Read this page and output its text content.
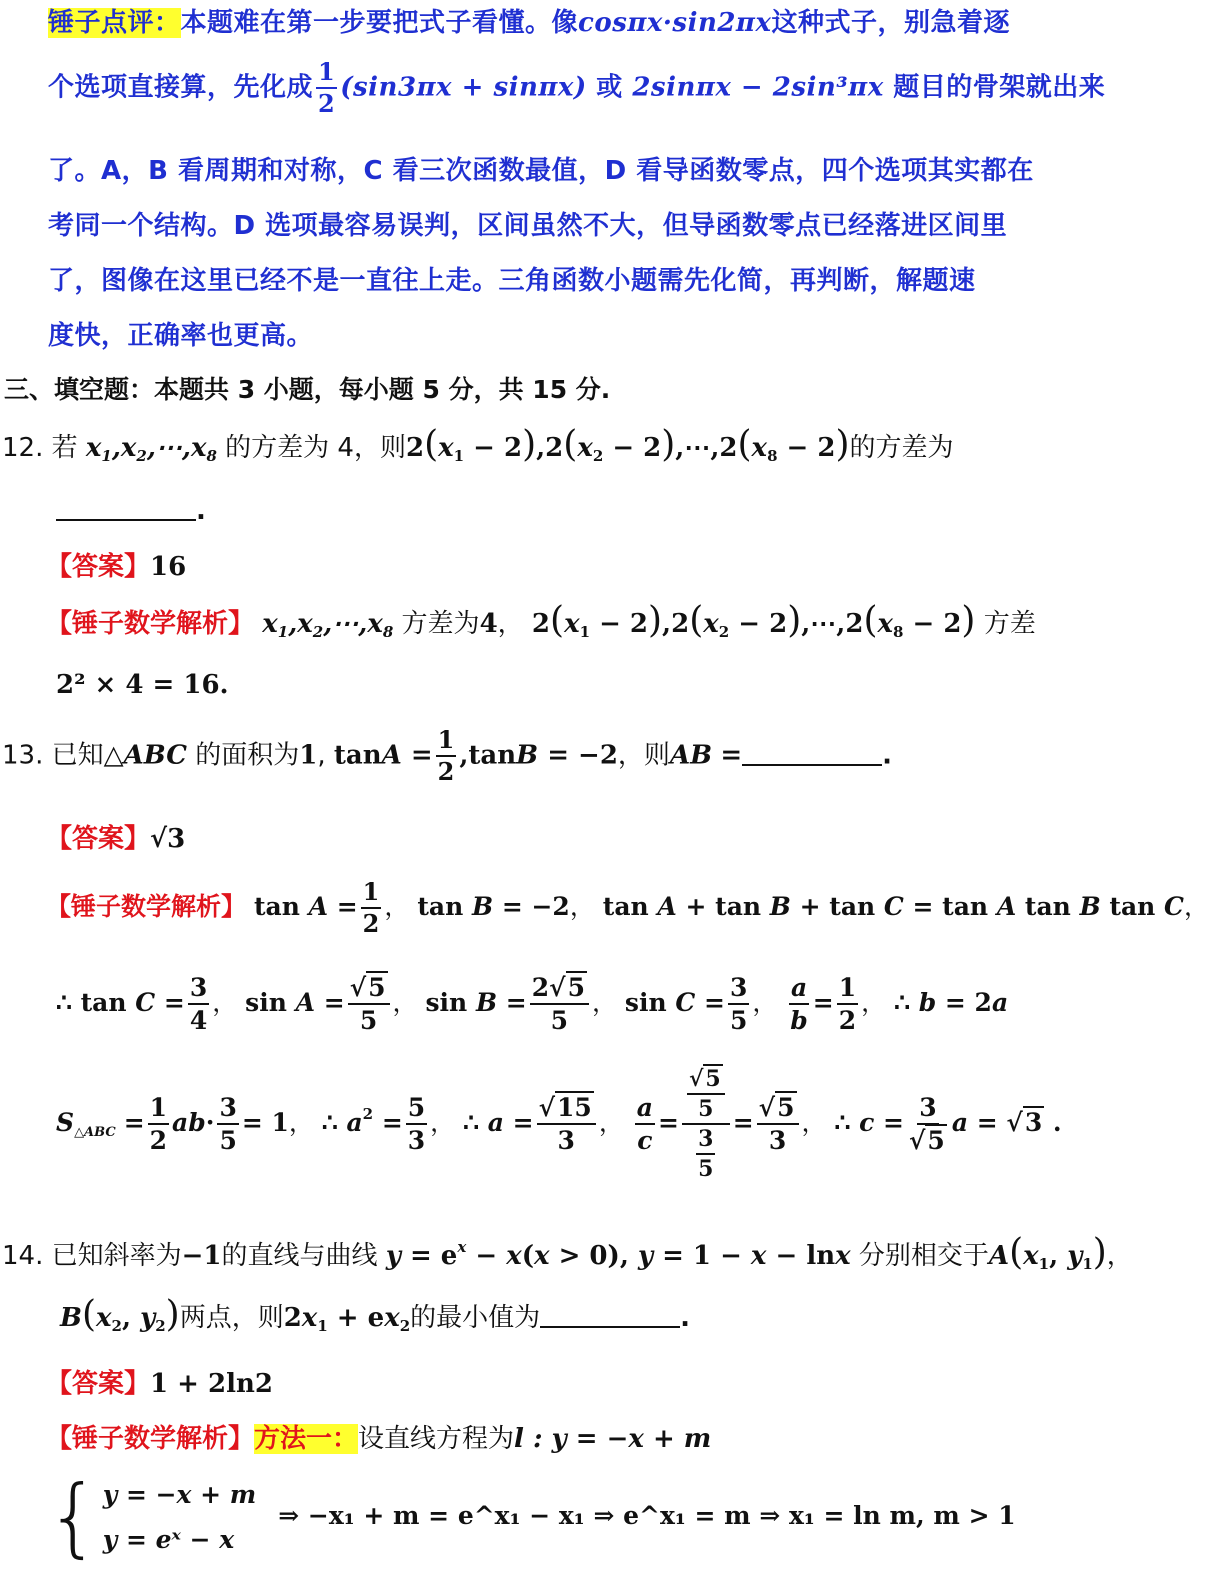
锤子点评：本题难在第一步要把式子看懂。像cosπx·sin2πx这种式子，别急着逐
个选项直接算，先化成 $\frac{1}{2} (\sin 3\pi x + \sin\pi x)$ 或 2sinπx − 2sin³πx 题目的骨架就出来
了。A，B 看周期和对称，C 看三次函数最值，D 看导函数零点，四个选项其实都在
考同一个结构。D 选项最容易误判，区间虽然不大，但导函数零点已经落进区间里
了，图像在这里已经不是一直往上走。三角函数小题需先化简，再判断，解题速
度快，正确率也更高。
三、填空题：本题共 3 小题，每小题 5 分，共 15 分.
12. 若 $x_1,x_2,\cdots,x_8$ 的方差为 4，则$2(x_1 - 2),2(x_2$ − $2),\cdots,2(x_8 - 2)$的方差为
.
【答案】16
【锤子数学解析】 $x_1,x_2,\cdots,x_8$ 方差为4， $2(x_1 - 2),2(x_2$ − $2),\cdots,2(x_8 - 2)$ 方差
2² × 4 = 16.
13. 已知△ABC 的面积为1, $\tan A = \frac{1}{2} ,\tan B = -2$，则AB =	.
【答案】√3
【锤子数学解析】 $\tan A = \frac{1}{2}$ ， tan B = −2， tan A + tan B + tan C = tan A tan B tan C，
∴ $\tan C = \frac{3}{4}$ ， $\sin A = \frac{√5}{5}$ ， $\sin B = \frac{2√5}{5}$ ， $\sin C = \frac{3}{5}$ ， $\frac{a}{b} = \frac{1}{2}$ ， ∴ b = 2a
$S_{\triangle ABC} = \frac{1}{2} ab\cdot \frac{3}{5} = 1$， ∴ $a^2 = \frac{5}{3}$ ， ∴ $a = \frac{√15}{3}$ ， $\frac{a}{c} = \frac{\frac{√5}{5}}{\frac{3}{5}} = \frac{√5}{3}$ ， ∴ $c = \frac{3}{√5}$ a = √3 .
14. 已知斜率为−1的直线与曲线 $y = e^x - x(x > 0)$, y = 1 − x − lnx 分别相交于$A(x_1$, $y_1$)，
$B(x_2$, $y_2$)两点，则$2x_1 + ex_2$的最小值为	.
【答案】1 + 2ln2
【锤子数学解析】方法一：设直线方程为l : y = −x + m
{ y = −x + m
y = eˣ − x
⇒ −x₁ + m = e^x₁ − x₁ ⇒ e^x₁ = m ⇒ x₁ = ln m, m > 1
